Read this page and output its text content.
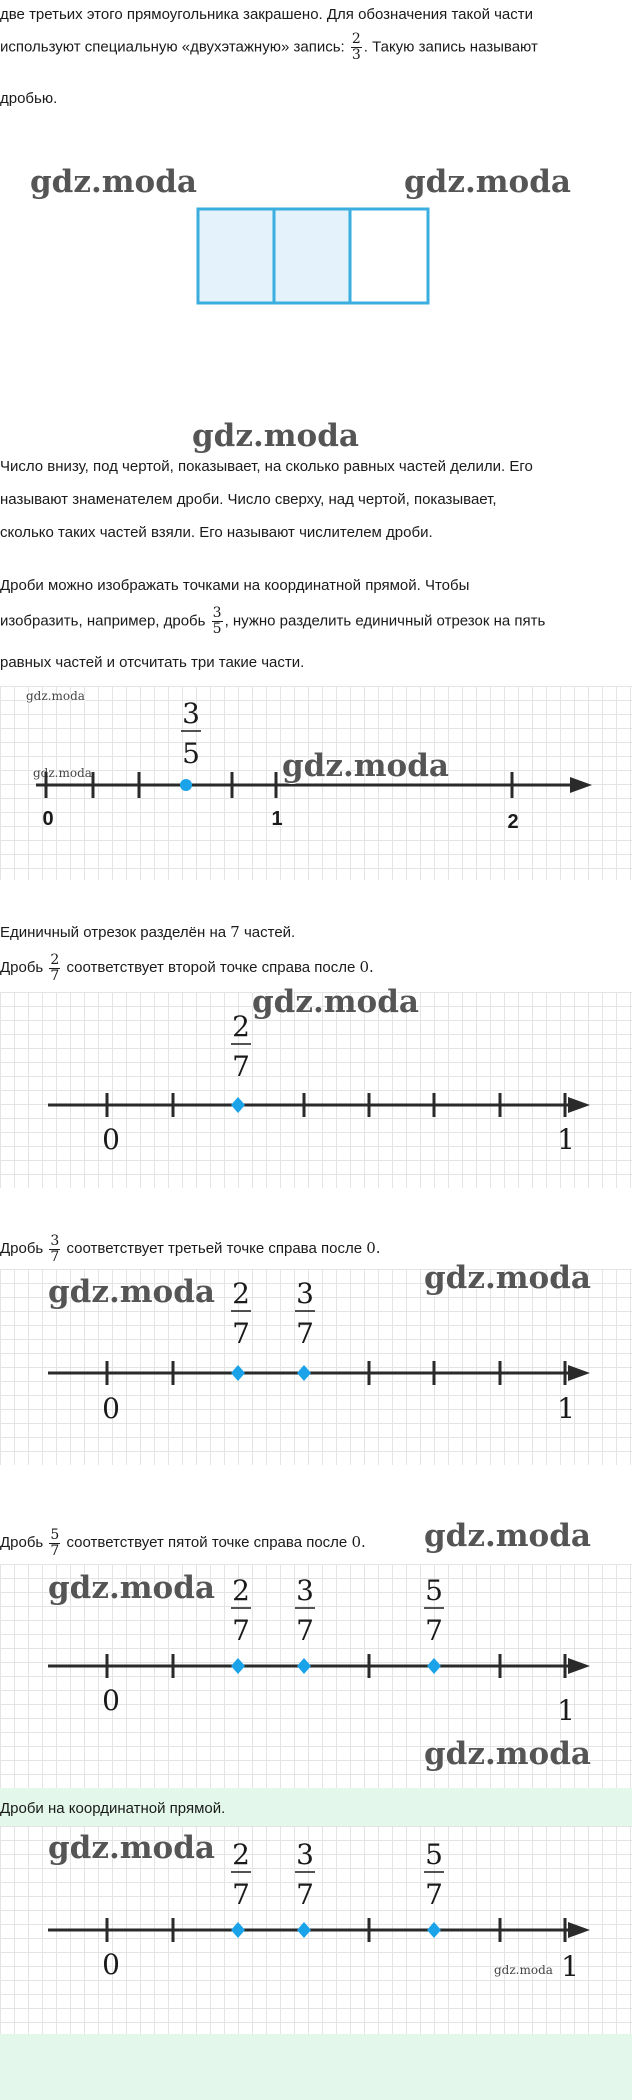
две третьих этого прямоугольника закрашено. Для обозначения такой части
используют специальную «двухэтажную» запись: $\frac{2}{3}$ . Такую запись называют
дробью.
gdz.moda	gdz.moda
gdz.moda
Число внизу, под чертой, показывает, на сколько равных частей делили. Его
называют знаменателем дроби. Число сверху, над чертой, показывает,
сколько таких частей взяли. Его называют числителем дроби.
Дроби можно изображать точками на координатной прямой. Чтобы
изобразить, например, дробь $\frac{3}{5}$ , нужно разделить единичный отрезок на пять
равных частей и отсчитать три такие части.
gdz.moda
gdz.moda
3
5
0	1	2
gdz.moda
Единичный отрезок разделён на 7 частей.
Дробь $\frac{2}{7}$ соответствует второй точке справа после 0.
2
7
0	1
gdz.moda
Дробь $\frac{3}{7}$ соответствует третьей точке справа после 0.
2
7
3
7
0	1
gdz.moda	gdz.moda
Дробь $\frac{5}{7}$ соответствует пятой точке справа после 0.	gdz.moda
2
7
3
7
5
7
0	1
gdz.moda
gdz.moda
Дроби на координатной прямой.
2
7
3
7
5
7
0	1
gdz.moda
gdz.moda
